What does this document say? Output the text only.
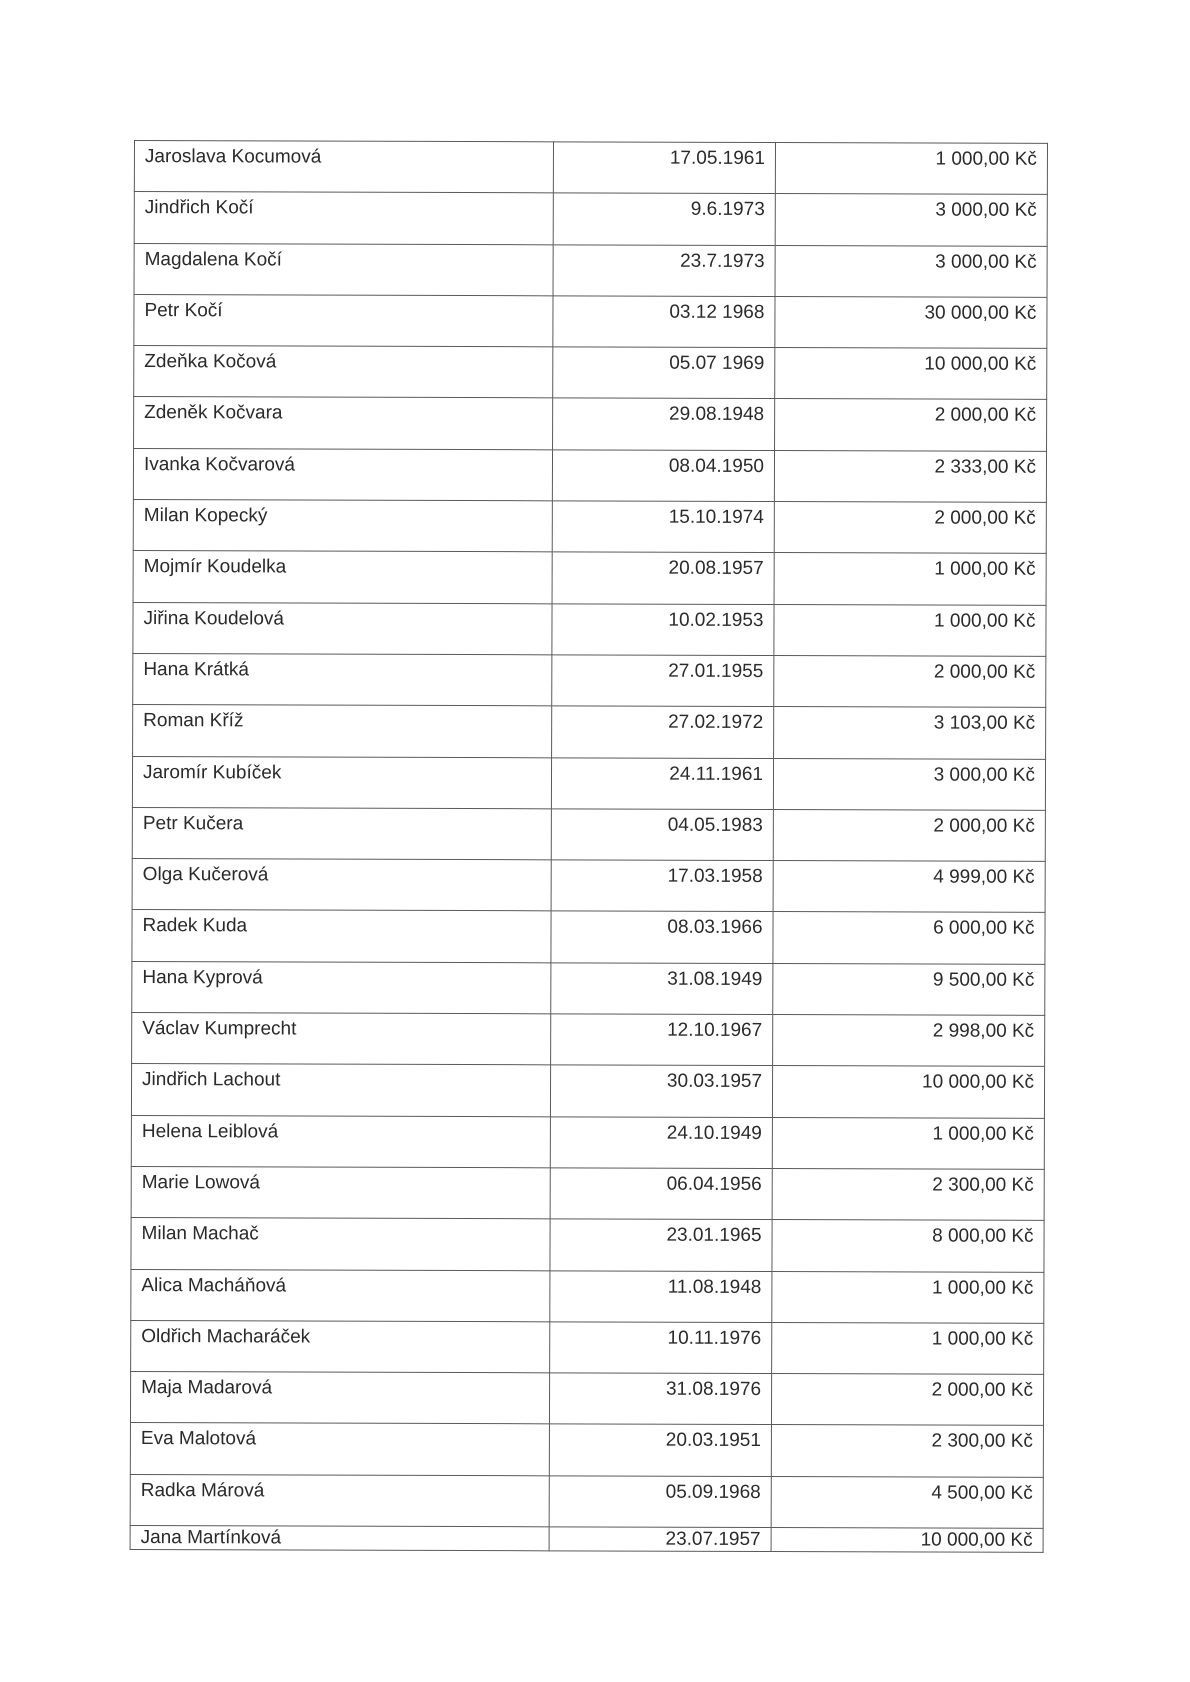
Jaroslava Kocumová	17.05.1961	1 000,00 Kč
Jindřich Kočí	9.6.1973	3 000,00 Kč
Magdalena Kočí	23.7.1973	3 000,00 Kč
Petr Kočí	03.12 1968	30 000,00 Kč
Zdeňka Kočová	05.07 1969	10 000,00 Kč
Zdeněk Kočvara	29.08.1948	2 000,00 Kč
Ivanka Kočvarová	08.04.1950	2 333,00 Kč
Milan Kopecký	15.10.1974	2 000,00 Kč
Mojmír Koudelka	20.08.1957	1 000,00 Kč
Jiřina Koudelová	10.02.1953	1 000,00 Kč
Hana Krátká	27.01.1955	2 000,00 Kč
Roman Kříž	27.02.1972	3 103,00 Kč
Jaromír Kubíček	24.11.1961	3 000,00 Kč
Petr Kučera	04.05.1983	2 000,00 Kč
Olga Kučerová	17.03.1958	4 999,00 Kč
Radek Kuda	08.03.1966	6 000,00 Kč
Hana Kyprová	31.08.1949	9 500,00 Kč
Václav Kumprecht	12.10.1967	2 998,00 Kč
Jindřich Lachout	30.03.1957	10 000,00 Kč
Helena Leiblová	24.10.1949	1 000,00 Kč
Marie Lowová	06.04.1956	2 300,00 Kč
Milan Machač	23.01.1965	8 000,00 Kč
Alica Macháňová	11.08.1948	1 000,00 Kč
Oldřich Macharáček	10.11.1976	1 000,00 Kč
Maja Madarová	31.08.1976	2 000,00 Kč
Eva Malotová	20.03.1951	2 300,00 Kč
Radka Márová	05.09.1968	4 500,00 Kč
Jana Martínková	23.07.1957	10 000,00 Kč
